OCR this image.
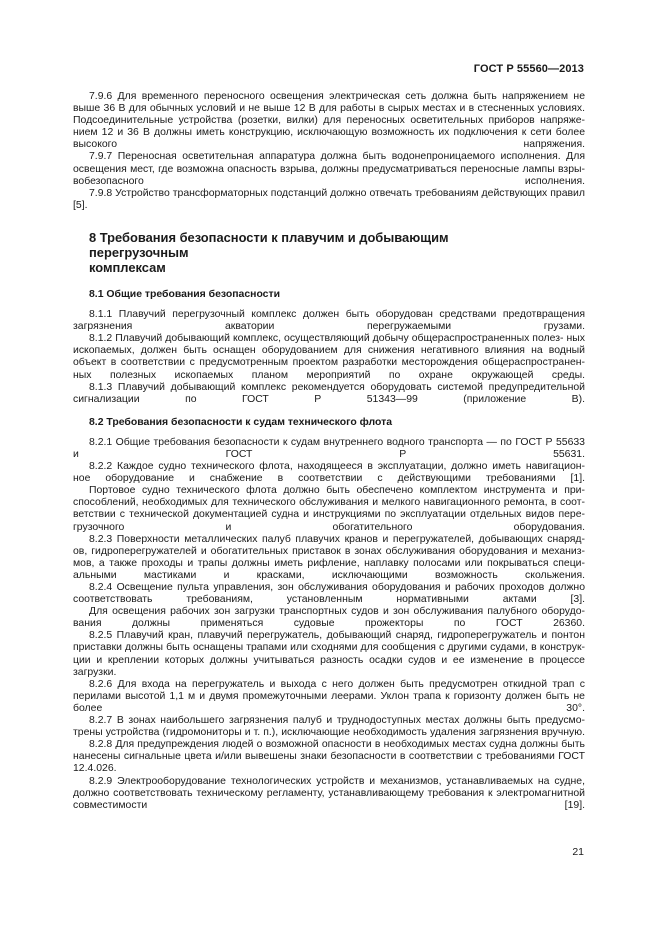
ГОСТ Р 55560—2013

7.9.6 Для временного переносного освещения электрическая сеть должна быть напряжением не выше 36 В для обычных условий и не выше 12 В для работы в сырых местах и в стесненных условиях. Подсоединительные устройства (розетки, вилки) для переносных осветительных приборов напряже- нием 12 и 36 В должны иметь конструкцию, исключающую возможность их подключения к сети более высокого напряжения.

7.9.7 Переносная осветительная аппаратура должна быть водонепроницаемого исполнения. Для освещения мест, где возможна опасность взрыва, должны предусматриваться переносные лампы взры- вобезопасного исполнения.

7.9.8 Устройство трансформаторных подстанций должно отвечать требованиям действующих правил [5].

8 Требования безопасности к плавучим и добывающим перегрузочным
комплексам
8.1 Общие требования безопасности

8.1.1 Плавучий перегрузочный комплекс должен быть оборудован средствами предотвращения загрязнения акватории перегружаемыми грузами.

8.1.2 Плавучий добывающий комплекс, осуществляющий добычу общераспространенных полез- ных ископаемых, должен быть оснащен оборудованием для снижения негативного влияния на водный объект в соответствии с предусмотренным проектом разработки месторождения общераспространен- ных полезных ископаемых планом мероприятий по охране окружающей среды.

8.1.3 Плавучий добывающий комплекс рекомендуется оборудовать системой предупредительной сигнализации по ГОСТ Р 51343—99 (приложение В).

8.2 Требования безопасности к судам технического флота

8.2.1 Общие требования безопасности к судам внутреннего водного транспорта — по ГОСТ Р 55633 и ГОСТ Р 55631.

8.2.2 Каждое судно технического флота, находящееся в эксплуатации, должно иметь навигацион- ное оборудование и снабжение в соответствии с действующими требованиями [1].

Портовое судно технического флота должно быть обеспечено комплектом инструмента и при- способлений, необходимых для технического обслуживания и мелкого навигационного ремонта, в соот- ветствии с технической документацией судна и инструкциями по эксплуатации отдельных видов пере- грузочного и обогатительного оборудования.

8.2.3 Поверхности металлических палуб плавучих кранов и перегружателей, добывающих снаряд- ов, гидроперегружателей и обогатительных приставок в зонах обслуживания оборудования и механиз- мов, а также проходы и трапы должны иметь рифление, наплавку полосами или покрываться специ- альными мастиками и красками, исключающими возможность скольжения.

8.2.4 Освещение пульта управления, зон обслуживания оборудования и рабочих проходов должно соответствовать требованиям, установленным нормативными актами [3].

Для освещения рабочих зон загрузки транспортных судов и зон обслуживания палубного оборудо- вания должны применяться судовые прожекторы по ГОСТ 26360.

8.2.5 Плавучий кран, плавучий перегружатель, добывающий снаряд, гидроперегружатель и понтон приставки должны быть оснащены трапами или сходнями для сообщения с другими судами, в конструк- ции и креплении которых должны учитываться разность осадки судов и ее изменение в процессе загрузки.

8.2.6 Для входа на перегружатель и выхода с него должен быть предусмотрен откидной трап с перилами высотой 1,1 м и двумя промежуточными леерами. Уклон трапа к горизонту должен быть не более 30°.

8.2.7 В зонах наибольшего загрязнения палуб и труднодоступных местах должны быть предусмо- трены устройства (гидромониторы и т. п.), исключающие необходимость удаления загрязнения вручную.

8.2.8 Для предупреждения людей о возможной опасности в необходимых местах судна должны быть нанесены сигнальные цвета и/или вывешены знаки безопасности в соответствии с требованиями ГОСТ 12.4.026.

8.2.9 Электрооборудование технологических устройств и механизмов, устанавливаемых на судне, должно соответствовать техническому регламенту, устанавливающему требования к электромагнитной совместимости [19].

21
